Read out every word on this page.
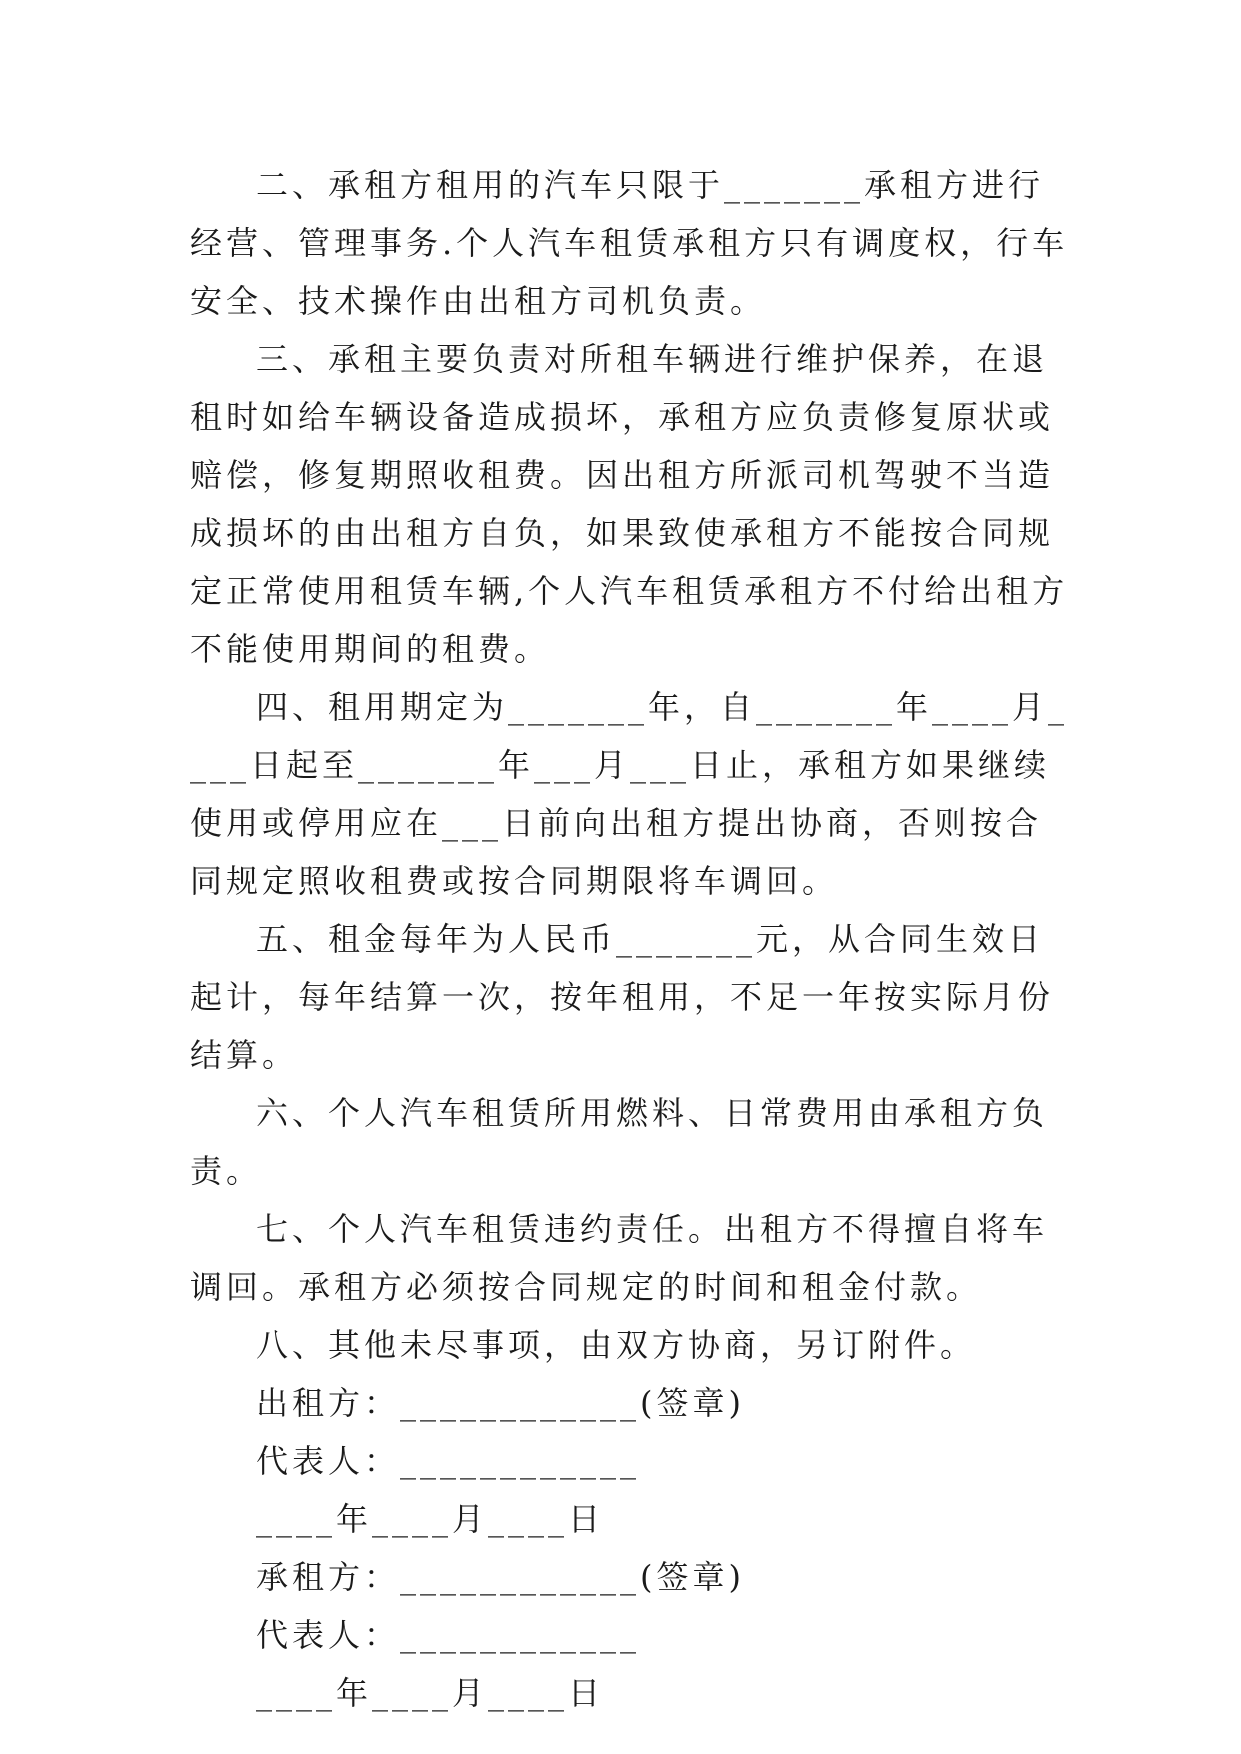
二、承租方租用的汽车只限于_______承租方进行经营、管理事务.个人汽车租赁承租方只有调度权，行车安全、技术操作由出租方司机负责。

三、承租主要负责对所租车辆进行维护保养，在退租时如给车辆设备造成损坏，承租方应负责修复原状或赔偿，修复期照收租费。因出租方所派司机驾驶不当造成损坏的由出租方自负，如果致使承租方不能按合同规定正常使用租赁车辆,个人汽车租赁承租方不付给出租方不能使用期间的租费。

四、租用期定为_______年，自_______年____月____日起至_______年___月___日止，承租方如果继续使用或停用应在___日前向出租方提出协商，否则按合同规定照收租费或按合同期限将车调回。

五、租金每年为人民币_______元，从合同生效日起计，每年结算一次，按年租用，不足一年按实际月份结算。

六、个人汽车租赁所用燃料、日常费用由承租方负责。

七、个人汽车租赁违约责任。出租方不得擅自将车调回。承租方必须按合同规定的时间和租金付款。

八、其他未尽事项，由双方协商，另订附件。

出租方：____________(签章)

代表人：____________

____年____月____日

承租方：____________(签章)

代表人：____________

____年____月____日
